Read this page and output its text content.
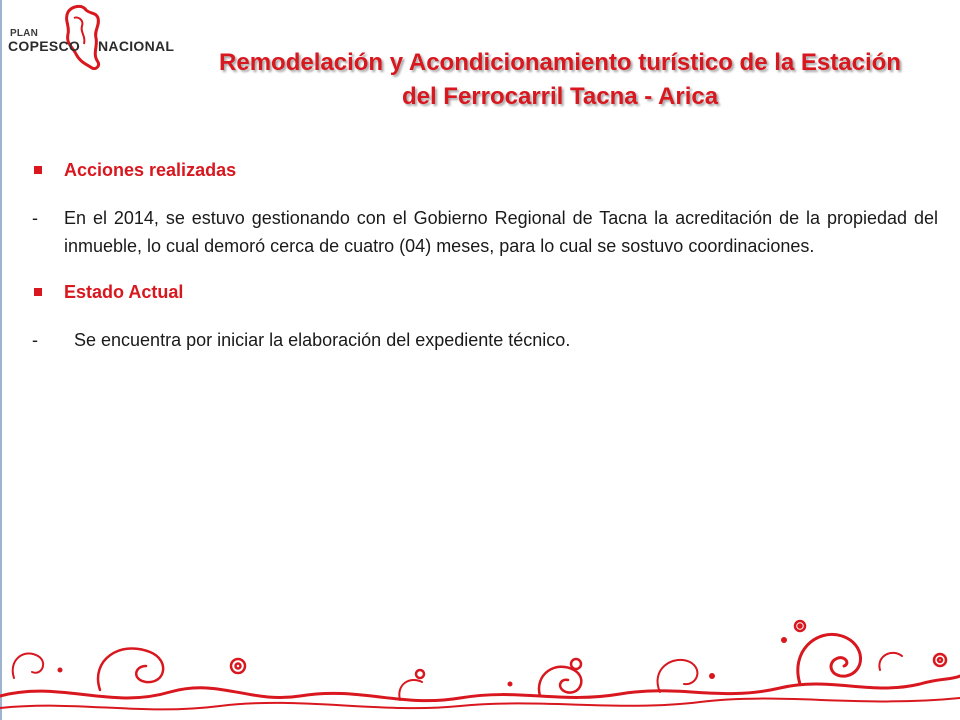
PLAN
COPESCO NACIONAL
Remodelación y Acondicionamiento turístico de la Estación
del Ferrocarril Tacna - Arica
Acciones realizadas
- En el 2014, se estuvo gestionando con el Gobierno Regional de Tacna la acreditación de la propiedad del inmueble, lo cual demoró cerca de cuatro (04) meses, para lo cual se sostuvo coordinaciones.
Estado Actual
- Se encuentra por iniciar la elaboración del expediente técnico.
